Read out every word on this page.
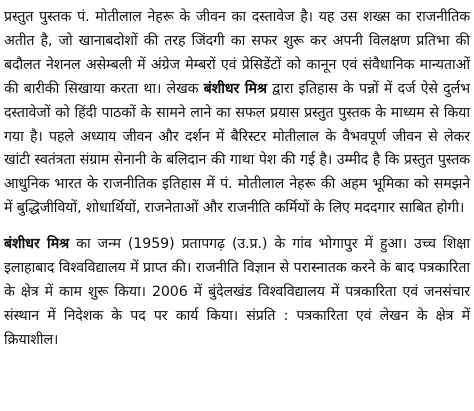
प्रस्तुत पुस्तक पं. मोतीलाल नेहरू के जीवन का दस्तावेज है। यह उस शख्स का राजनीतिक अतीत है, जो खानाबदोशों की तरह जिंदगी का सफर शुरू कर अपनी विलक्षण प्रतिभा की बदौलत नेशनल असेम्बली में अंग्रेज मेम्बरों एवं प्रेसिडेंटों को कानून एवं संवैधानिक मान्यताओं की बारीकी सिखाया करता था। लेखक बंशीधर मिश्र द्वारा इतिहास के पन्नों में दर्ज ऐसे दुर्लभ दस्तावेजों को हिंदी पाठकों के सामने लाने का सफल प्रयास प्रस्तुत पुस्तक के माध्यम से किया गया है। पहले अध्याय जीवन और दर्शन में बैरिस्टर मोतीलाल के वैभवपूर्ण जीवन से लेकर खांटी स्वतंत्रता संग्राम सेनानी के बलिदान की गाथा पेश की गई है। उम्मीद है कि प्रस्तुत पुस्तक आधुनिक भारत के राजनीतिक इतिहास में पं. मोतीलाल नेहरू की अहम भूमिका को समझने में बुद्धिजीवियों, शोधार्थियों, राजनेताओं और राजनीति कर्मियों के लिए मददगार साबित होगी।

बंशीधर मिश्र का जन्म (1959) प्रतापगढ़ (उ.प्र.) के गांव भोगापुर में हुआ। उच्च शिक्षा इलाहाबाद विश्वविद्यालय में प्राप्त की। राजनीति विज्ञान से परास्नातक करने के बाद पत्रकारिता के क्षेत्र में काम शुरू किया। 2006 में बुंदेलखंड विश्वविद्यालय में पत्रकारिता एवं जनसंचार संस्थान में निदेशक के पद पर कार्य किया। संप्रति : पत्रकारिता एवं लेखन के क्षेत्र में क्रियाशील।
